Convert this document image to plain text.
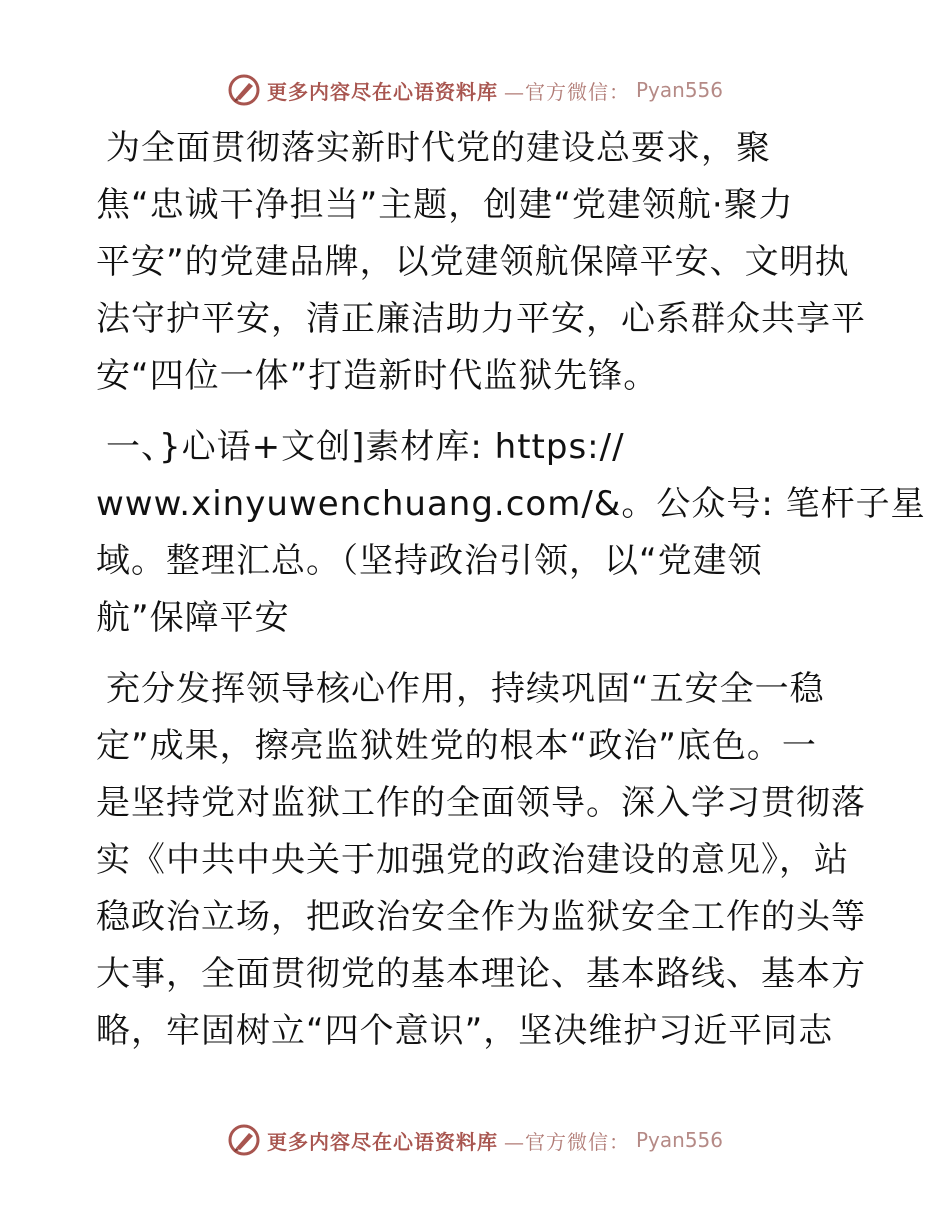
更多内容尽在心语资料库 —官方微信： Pyan556

为全面贯彻落实新时代党的建设总要求，聚
焦“忠诚干净担当”主题，创建“党建领航·聚力
平安”的党建品牌，以党建领航保障平安、文明执
法守护平安，清正廉洁助力平安，心系群众共享平
安“四位一体”打造新时代监狱先锋。

一、}心语+文创]素材库: https://
www.xinyuwenchuang.com/&。公众号: 笔杆子星
域。整理汇总。（坚持政治引领，以“党建领
航”保障平安

充分发挥领导核心作用，持续巩固“五安全一稳
定”成果，擦亮监狱姓党的根本“政治”底色。一
是坚持党对监狱工作的全面领导。深入学习贯彻落
实《中共中央关于加强党的政治建设的意见》，站
稳政治立场，把政治安全作为监狱安全工作的头等
大事，全面贯彻党的基本理论、基本路线、基本方
略，牢固树立“四个意识”，坚决维护习近平同志

更多内容尽在心语资料库 —官方微信： Pyan556
